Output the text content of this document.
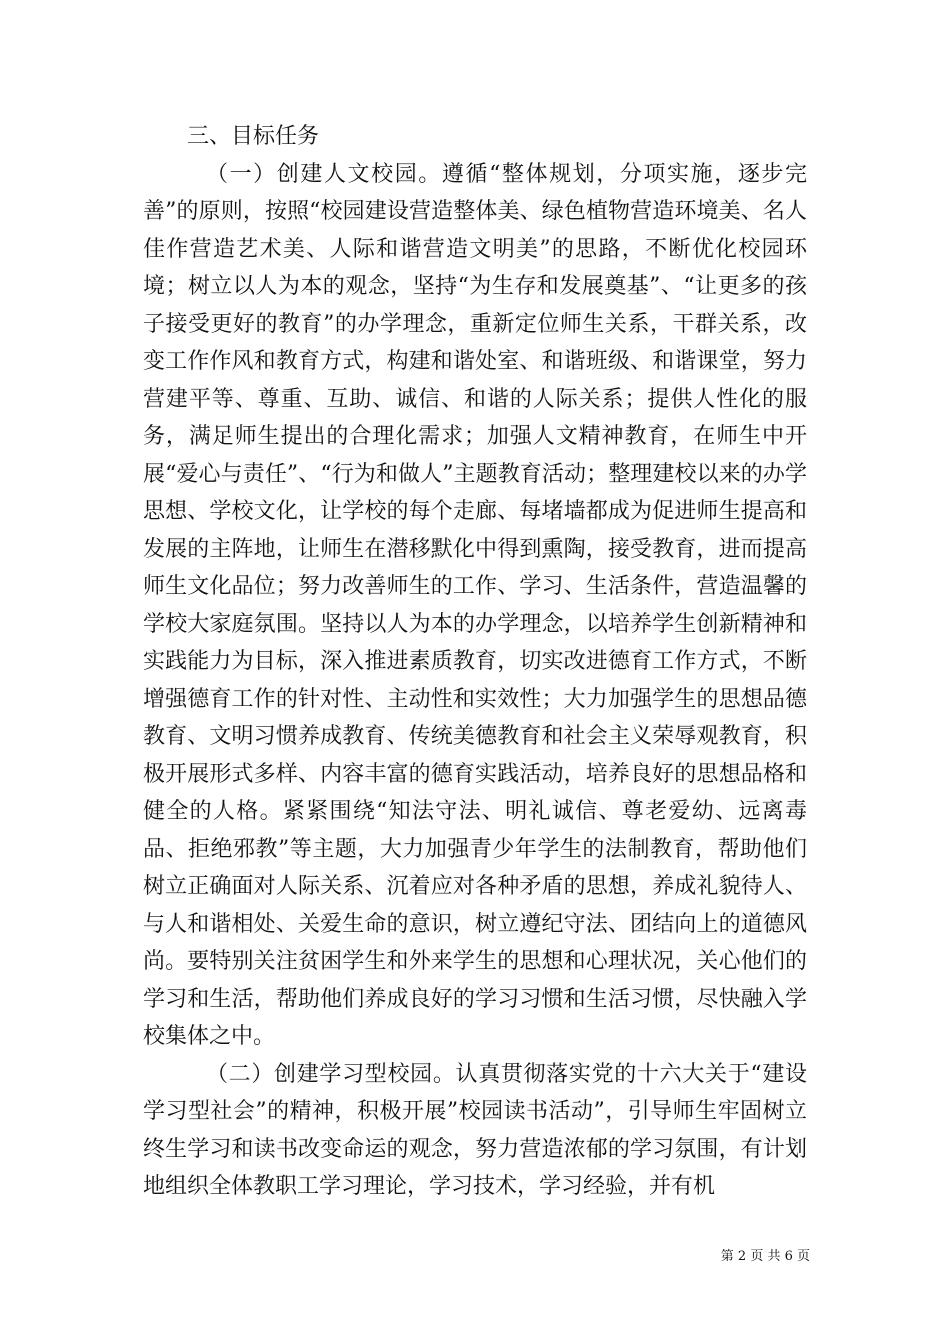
三、目标任务

（一）创建人文校园。遵循“整体规划，分项实施，逐步完善”的原则，按照“校园建设营造整体美、绿色植物营造环境美、名人佳作营造艺术美、人际和谐营造文明美”的思路，不断优化校园环境；树立以人为本的观念，坚持“为生存和发展奠基”、“让更多的孩子接受更好的教育”的办学理念，重新定位师生关系，干群关系，改变工作作风和教育方式，构建和谐处室、和谐班级、和谐课堂，努力营建平等、尊重、互助、诚信、和谐的人际关系；提供人性化的服务，满足师生提出的合理化需求；加强人文精神教育，在师生中开展“爱心与责任”、“行为和做人”主题教育活动；整理建校以来的办学思想、学校文化，让学校的每个走廊、每堵墙都成为促进师生提高和发展的主阵地，让师生在潜移默化中得到熏陶，接受教育，进而提高师生文化品位；努力改善师生的工作、学习、生活条件，营造温馨的学校大家庭氛围。坚持以人为本的办学理念，以培养学生创新精神和实践能力为目标，深入推进素质教育，切实改进德育工作方式，不断增强德育工作的针对性、主动性和实效性；大力加强学生的思想品德教育、文明习惯养成教育、传统美德教育和社会主义荣辱观教育，积极开展形式多样、内容丰富的德育实践活动，培养良好的思想品格和健全的人格。紧紧围绕“知法守法、明礼诚信、尊老爱幼、远离毒品、拒绝邪教”等主题，大力加强青少年学生的法制教育，帮助他们树立正确面对人际关系、沉着应对各种矛盾的思想，养成礼貌待人、与人和谐相处、关爱生命的意识，树立遵纪守法、团结向上的道德风尚。要特别关注贫困学生和外来学生的思想和心理状况，关心他们的学习和生活，帮助他们养成良好的学习习惯和生活习惯，尽快融入学校集体之中。

（二）创建学习型校园。认真贯彻落实党的十六大关于“建设学习型社会”的精神，积极开展”校园读书活动”，引导师生牢固树立终生学习和读书改变命运的观念，努力营造浓郁的学习氛围，有计划地组织全体教职工学习理论，学习技术，学习经验，并有机

第 2 页 共 6 页
